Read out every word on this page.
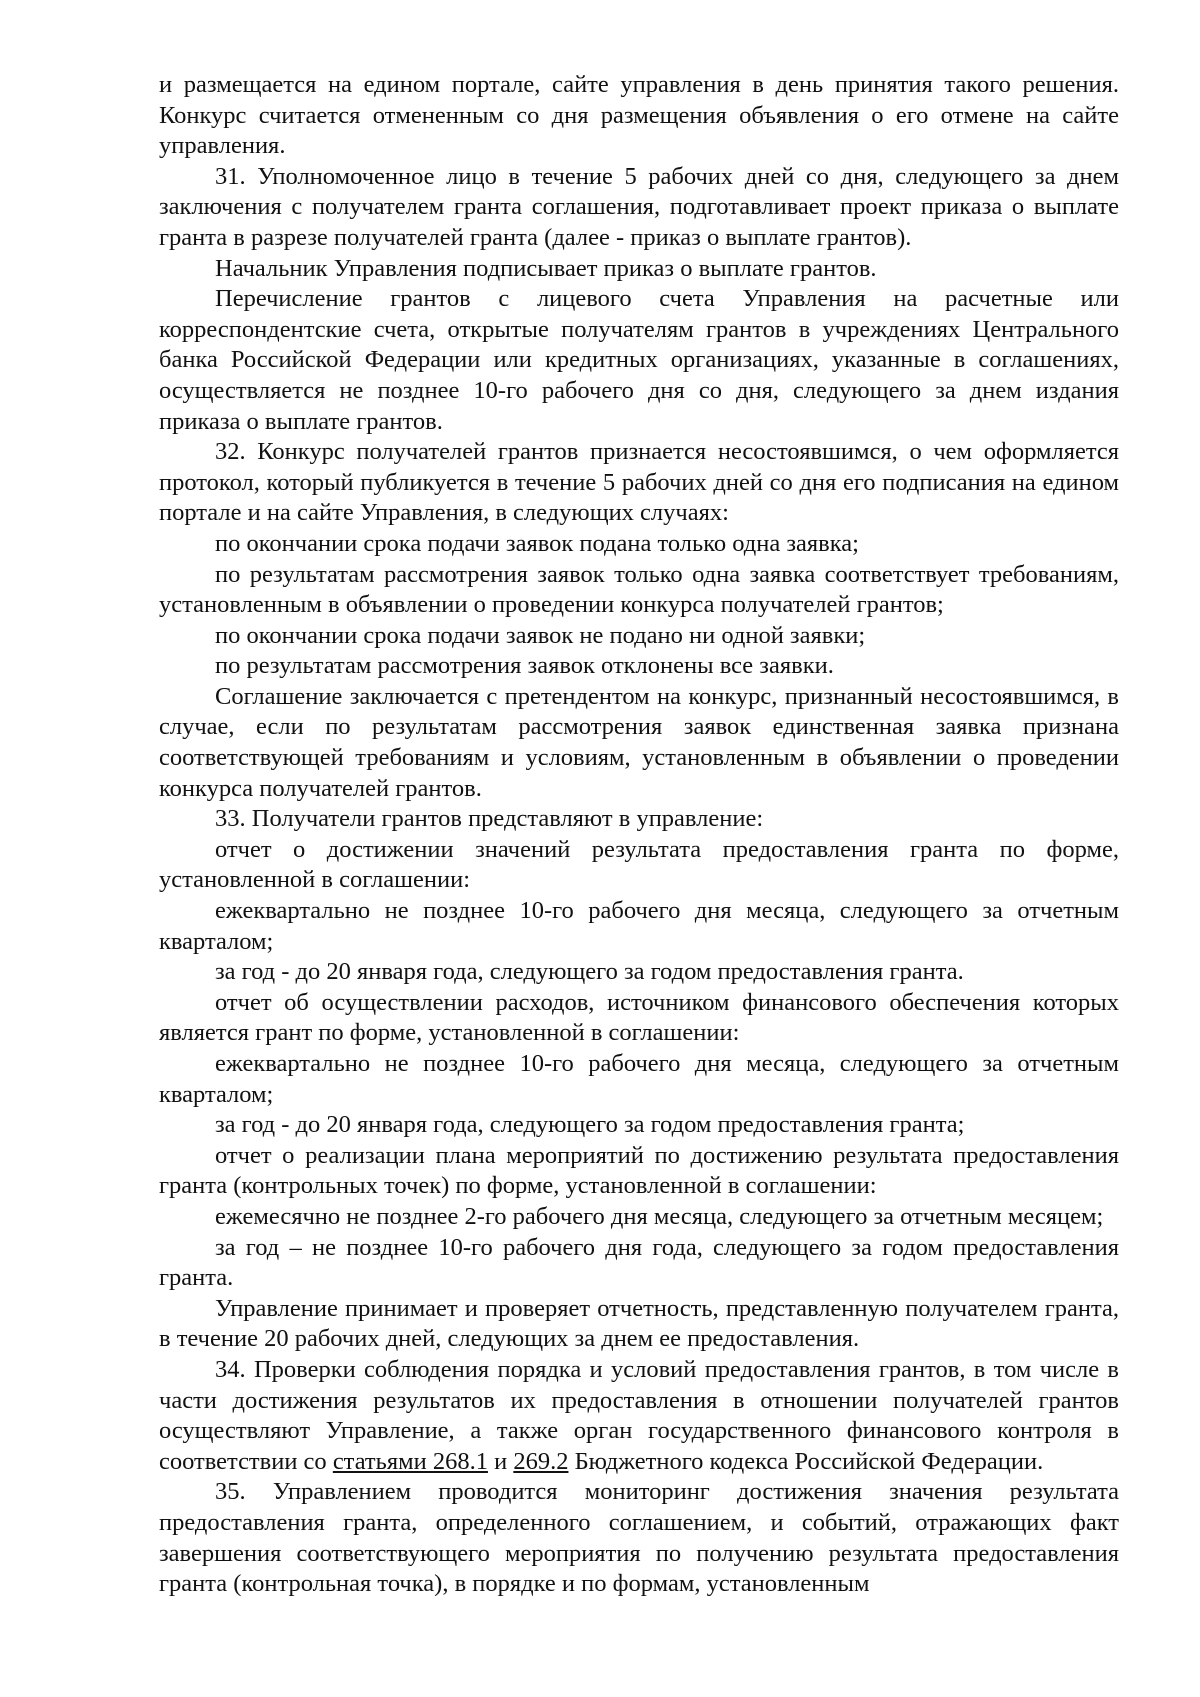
и размещается на едином портале, сайте управления в день принятия такого решения. Конкурс считается отмененным со дня размещения объявления о его отмене на сайте управления.

31. Уполномоченное лицо в течение 5 рабочих дней со дня, следующего за днем заключения с получателем гранта соглашения, подготавливает проект приказа о выплате гранта в разрезе получателей гранта (далее - приказ о выплате грантов).

Начальник Управления подписывает приказ о выплате грантов.

Перечисление грантов с лицевого счета Управления на расчетные или корреспондентские счета, открытые получателям грантов в учреждениях Центрального банка Российской Федерации или кредитных организациях, указанные в соглашениях, осуществляется не позднее 10-го рабочего дня со дня, следующего за днем издания приказа о выплате грантов.

32. Конкурс получателей грантов признается несостоявшимся, о чем оформляется протокол, который публикуется в течение 5 рабочих дней со дня его подписания на едином портале и на сайте Управления, в следующих случаях:

по окончании срока подачи заявок подана только одна заявка;

по результатам рассмотрения заявок только одна заявка соответствует требованиям, установленным в объявлении о проведении конкурса получателей грантов;

по окончании срока подачи заявок не подано ни одной заявки;

по результатам рассмотрения заявок отклонены все заявки.

Соглашение заключается с претендентом на конкурс, признанный несостоявшимся, в случае, если по результатам рассмотрения заявок единственная заявка признана соответствующей требованиям и условиям, установленным в объявлении о проведении конкурса получателей грантов.

33. Получатели грантов представляют в управление:

отчет о достижении значений результата предоставления гранта по форме, установленной в соглашении:

ежеквартально не позднее 10-го рабочего дня месяца, следующего за отчетным кварталом;

за год - до 20 января года, следующего за годом предоставления гранта.

отчет об осуществлении расходов, источником финансового обеспечения которых является грант по форме, установленной в соглашении:

ежеквартально не позднее 10-го рабочего дня месяца, следующего за отчетным кварталом;

за год - до 20 января года, следующего за годом предоставления гранта;

отчет о реализации плана мероприятий по достижению результата предоставления гранта (контрольных точек) по форме, установленной в соглашении:

ежемесячно не позднее 2-го рабочего дня месяца, следующего за отчетным месяцем;

за год – не позднее 10-го рабочего дня года, следующего за годом предоставления гранта.

Управление принимает и проверяет отчетность, представленную получателем гранта, в течение 20 рабочих дней, следующих за днем ее предоставления.

34. Проверки соблюдения порядка и условий предоставления грантов, в том числе в части достижения результатов их предоставления в отношении получателей грантов осуществляют Управление, а также орган государственного финансового контроля в соответствии со статьями 268.1 и 269.2 Бюджетного кодекса Российской Федерации.

35. Управлением проводится мониторинг достижения значения результата предоставления гранта, определенного соглашением, и событий, отражающих факт завершения соответствующего мероприятия по получению результата предоставления гранта (контрольная точка), в порядке и по формам, установленным
